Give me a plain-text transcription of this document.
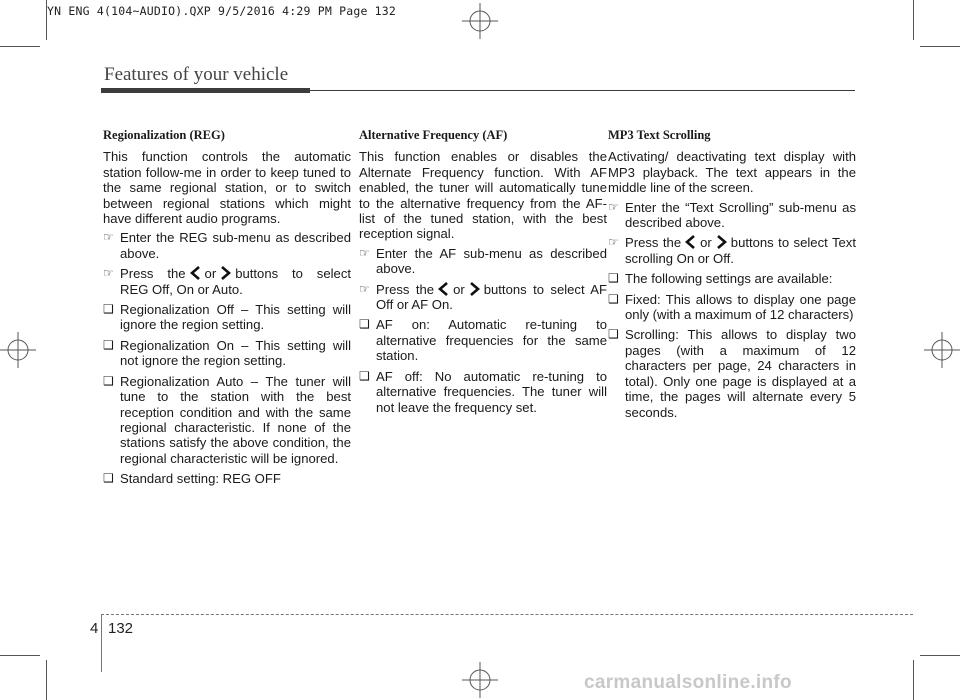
YN ENG 4(104~AUDIO).QXP 9/5/2016 4:29 PM Page 132
Features of your vehicle
Regionalization (REG)

This function controls the automatic station follow-me in order to keep tuned to the same regional station, or to switch between regional stations which might have different audio programs.

☞ Enter the REG sub-menu as described above.
☞ Press the or buttons to select REG Off, On or Auto.
❑ Regionalization Off – This setting will ignore the region setting.
❑ Regionalization On – This setting will not ignore the region setting.
❑ Regionalization Auto – The tuner will tune to the station with the best reception condition and with the same regional characteristic. If none of the stations satisfy the above condition, the regional characteristic will be ignored.
❑ Standard setting: REG OFF
Alternative Frequency (AF)

This function enables or disables the Alternate Frequency function. With AF enabled, the tuner will automatically tune to the alternative frequency from the AF-list of the tuned station, with the best reception signal.

☞ Enter the AF sub-menu as described above.
☞ Press the or buttons to select AF Off or AF On.
❑ AF on: Automatic re-tuning to alternative frequencies for the same station.
❑ AF off: No automatic re-tuning to alternative frequencies. The tuner will not leave the frequency set.
MP3 Text Scrolling

Activating/ deactivating text display with MP3 playback. The text appears in the middle line of the screen.

☞ Enter the “Text Scrolling” sub-menu as described above.
☞ Press the or buttons to select Text scrolling On or Off.
❑ The following settings are available:
❑ Fixed: This allows to display one page only (with a maximum of 12 characters)
❑ Scrolling: This allows to display two pages (with a maximum of 12 characters per page, 24 characters in total). Only one page is displayed at a time, the pages will alternate every 5 seconds.
4 132
carmanualsonline.info
